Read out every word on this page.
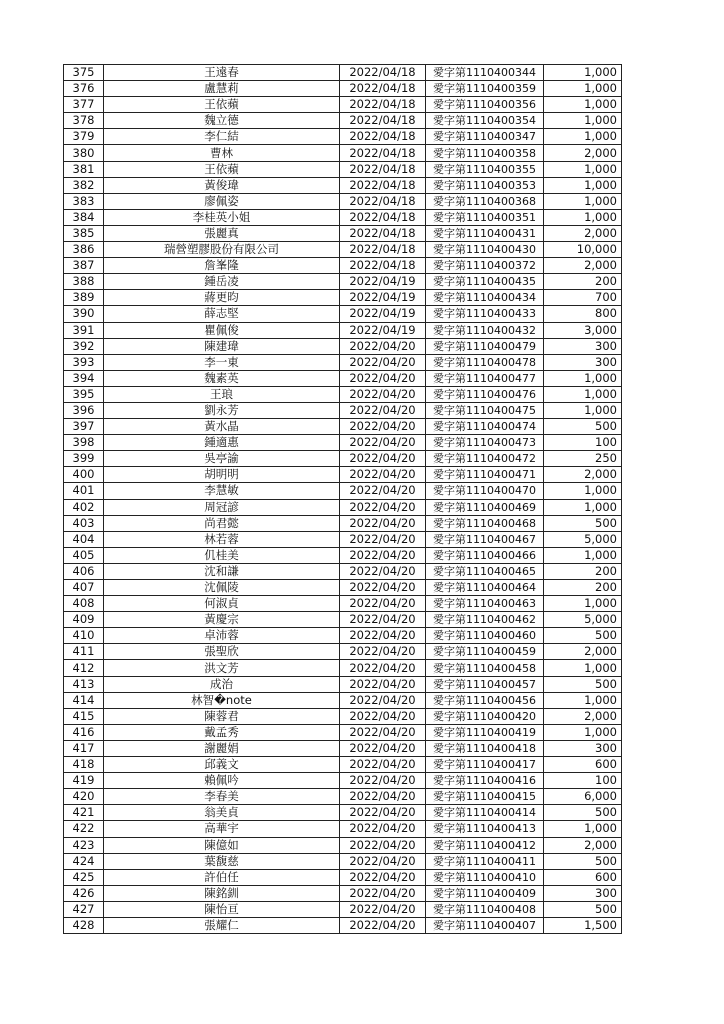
375	王遠春	2022/04/18	愛字第1110400344	1,000
376	盧慧莉	2022/04/18	愛字第1110400359	1,000
377	王依蘋	2022/04/18	愛字第1110400356	1,000
378	魏立德	2022/04/18	愛字第1110400354	1,000
379	李仁結	2022/04/18	愛字第1110400347	1,000
380	曹林	2022/04/18	愛字第1110400358	2,000
381	王依蘋	2022/04/18	愛字第1110400355	1,000
382	黃俊瑋	2022/04/18	愛字第1110400353	1,000
383	廖佩姿	2022/04/18	愛字第1110400368	1,000
384	李桂英小姐	2022/04/18	愛字第1110400351	1,000
385	張麗真	2022/04/18	愛字第1110400431	2,000
386	瑞營塑膠股份有限公司	2022/04/18	愛字第1110400430	10,000
387	詹峯隆	2022/04/18	愛字第1110400372	2,000
388	鍾岳凌	2022/04/19	愛字第1110400435	200
389	蔣更昀	2022/04/19	愛字第1110400434	700
390	薛志堅	2022/04/19	愛字第1110400433	800
391	瞿佩俊	2022/04/19	愛字第1110400432	3,000
392	陳建瑋	2022/04/20	愛字第1110400479	300
393	李一東	2022/04/20	愛字第1110400478	300
394	魏素英	2022/04/20	愛字第1110400477	1,000
395	王琅	2022/04/20	愛字第1110400476	1,000
396	劉永芳	2022/04/20	愛字第1110400475	1,000
397	黃水晶	2022/04/20	愛字第1110400474	500
398	鍾適惠	2022/04/20	愛字第1110400473	100
399	吳亭諭	2022/04/20	愛字第1110400472	250
400	胡明明	2022/04/20	愛字第1110400471	2,000
401	李慧敏	2022/04/20	愛字第1110400470	1,000
402	周冠諺	2022/04/20	愛字第1110400469	1,000
403	尚君懿	2022/04/20	愛字第1110400468	500
404	林若蓉	2022/04/20	愛字第1110400467	5,000
405	仉桂美	2022/04/20	愛字第1110400466	1,000
406	沈和謙	2022/04/20	愛字第1110400465	200
407	沈佩陵	2022/04/20	愛字第1110400464	200
408	何淑貞	2022/04/20	愛字第1110400463	1,000
409	黃慶宗	2022/04/20	愛字第1110400462	5,000
410	卓沛蓉	2022/04/20	愛字第1110400460	500
411	張聖欣	2022/04/20	愛字第1110400459	2,000
412	洪文芳	2022/04/20	愛字第1110400458	1,000
413	成治	2022/04/20	愛字第1110400457	500
414	林智�note	2022/04/20	愛字第1110400456	1,000
415	陳蓉君	2022/04/20	愛字第1110400420	2,000
416	戴孟秀	2022/04/20	愛字第1110400419	1,000
417	謝麗娟	2022/04/20	愛字第1110400418	300
418	邱義文	2022/04/20	愛字第1110400417	600
419	賴佩吟	2022/04/20	愛字第1110400416	100
420	李春美	2022/04/20	愛字第1110400415	6,000
421	翁美貞	2022/04/20	愛字第1110400414	500
422	高華宇	2022/04/20	愛字第1110400413	1,000
423	陳億如	2022/04/20	愛字第1110400412	2,000
424	葉馥慈	2022/04/20	愛字第1110400411	500
425	許伯任	2022/04/20	愛字第1110400410	600
426	陳銘釧	2022/04/20	愛字第1110400409	300
427	陳怡亘	2022/04/20	愛字第1110400408	500
428	張耀仁	2022/04/20	愛字第1110400407	1,500
